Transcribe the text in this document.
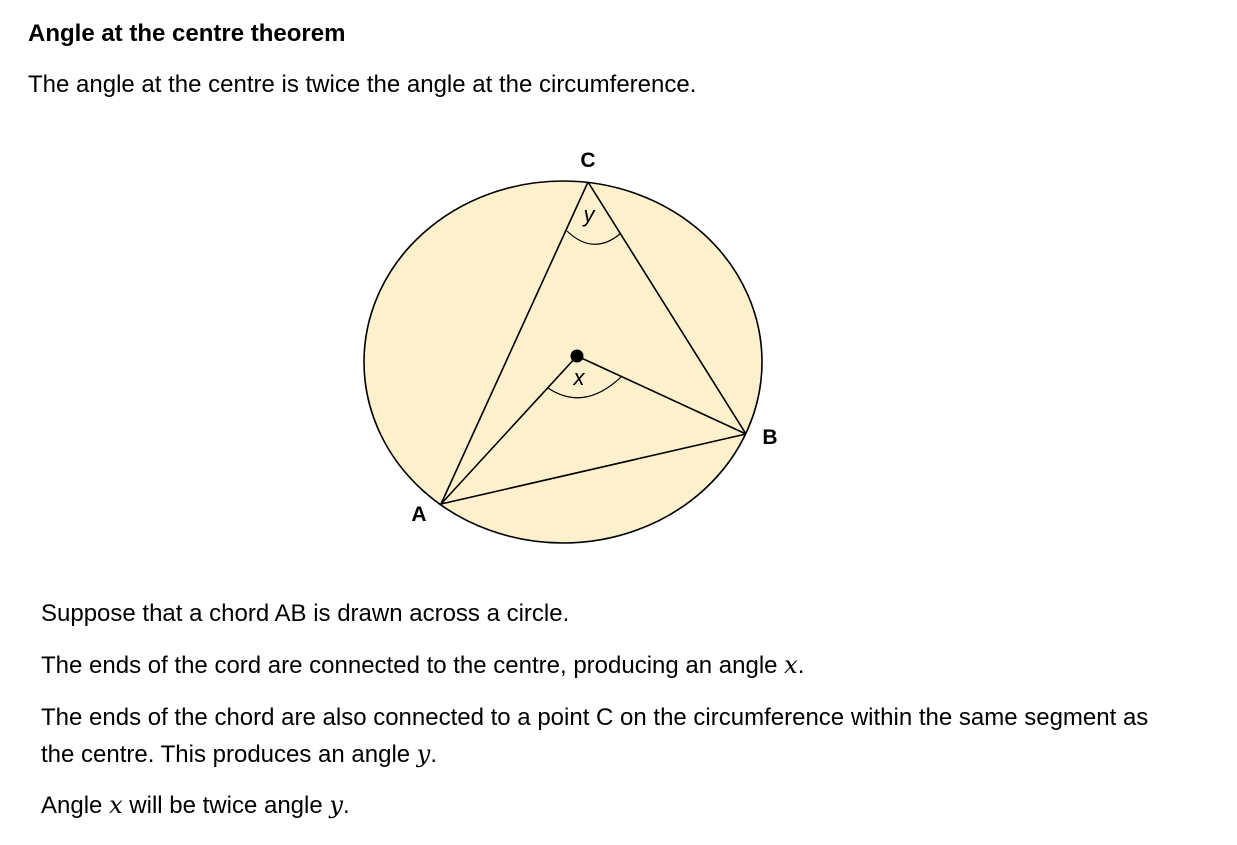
Angle at the centre theorem
The angle at the centre is twice the angle at the circumference.
C
B
A
y
x
Suppose that a chord AB is drawn across a circle.
The ends of the cord are connected to the centre, producing an angle x.
The ends of the chord are also connected to a point C on the circumference within the same segment as the centre. This produces an angle y.
Angle x will be twice angle y.
